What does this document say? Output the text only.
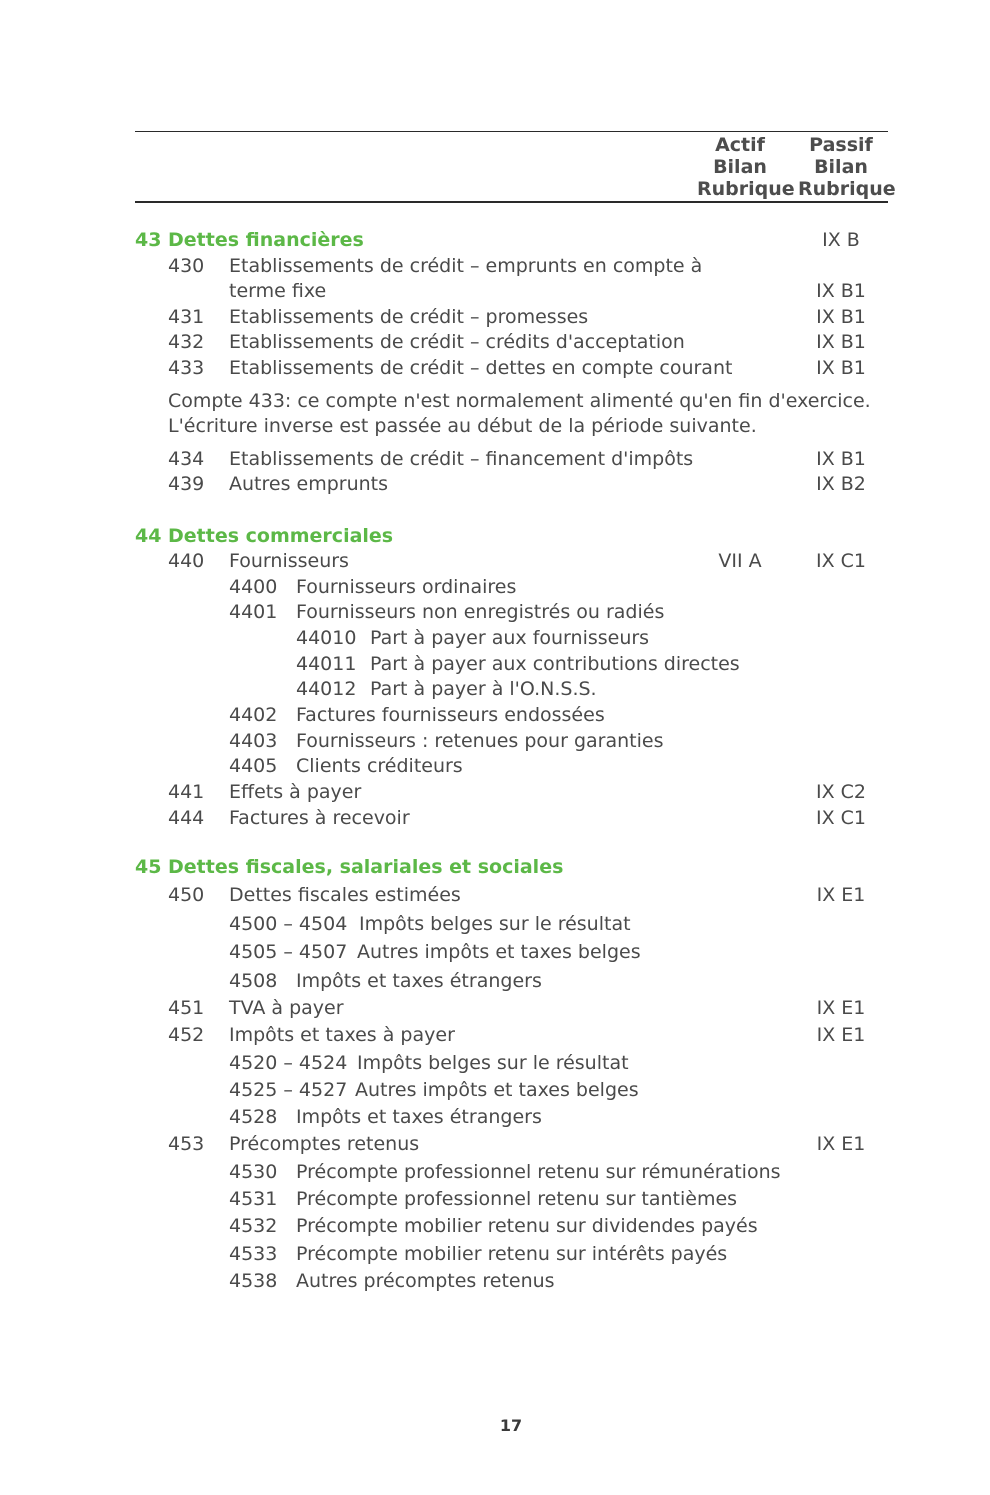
Actif
Bilan
Rubrique
Passif
Bilan
Rubrique
43 Dettes financières	IX B
430 Etablissements de crédit – emprunts en compte à
terme fixe	IX B1
431 Etablissements de crédit – promesses	IX B1
432 Etablissements de crédit – crédits d'acceptation	IX B1
433 Etablissements de crédit – dettes en compte courant	IX B1
Compte 433: ce compte n'est normalement alimenté qu'en fin d'exercice.
L'écriture inverse est passée au début de la période suivante.
434 Etablissements de crédit – financement d'impôts	IX B1
439 Autres emprunts	IX B2
44 Dettes commerciales
440 Fournisseurs	VII A	IX C1
4400 Fournisseurs ordinaires
4401 Fournisseurs non enregistrés ou radiés
44010 Part à payer aux fournisseurs
44011 Part à payer aux contributions directes
44012 Part à payer à l'O.N.S.S.
4402 Factures fournisseurs endossées
4403 Fournisseurs : retenues pour garanties
4405 Clients créditeurs
441 Effets à payer	IX C2
444 Factures à recevoir	IX C1
45 Dettes fiscales, salariales et sociales
450 Dettes fiscales estimées	IX E1
4500 – 4504 Impôts belges sur le résultat
4505 – 4507 Autres impôts et taxes belges
4508 Impôts et taxes étrangers
451 TVA à payer	IX E1
452 Impôts et taxes à payer	IX E1
4520 – 4524 Impôts belges sur le résultat
4525 – 4527 Autres impôts et taxes belges
4528 Impôts et taxes étrangers
453 Précomptes retenus	IX E1
4530 Précompte professionnel retenu sur rémunérations
4531 Précompte professionnel retenu sur tantièmes
4532 Précompte mobilier retenu sur dividendes payés
4533 Précompte mobilier retenu sur intérêts payés
4538 Autres précomptes retenus
17
